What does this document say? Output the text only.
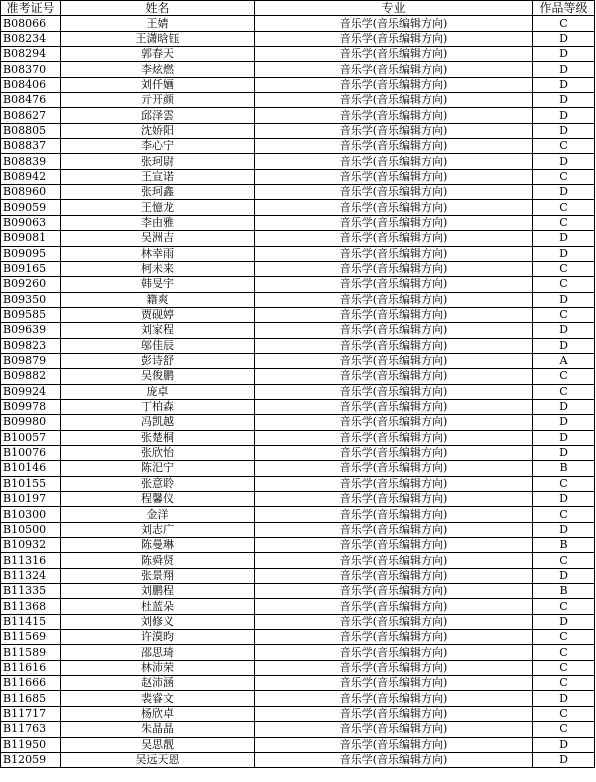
准考证号	姓名	专业	作品等级
B08066	王婧	音乐学(音乐编辑方向)	C
B08234	王潇晗钰	音乐学(音乐编辑方向)	D
B08294	郭春天	音乐学(音乐编辑方向)	D
B08370	李炫燃	音乐学(音乐编辑方向)	D
B08406	刘仟婳	音乐学(音乐编辑方向)	D
B08476	亓开颜	音乐学(音乐编辑方向)	D
B08627	邱泽雲	音乐学(音乐编辑方向)	D
B08805	沈娇阳	音乐学(音乐编辑方向)	D
B08837	李心宁	音乐学(音乐编辑方向)	C
B08839	张珂尉	音乐学(音乐编辑方向)	D
B08942	王宣诺	音乐学(音乐编辑方向)	C
B08960	张珂鑫	音乐学(音乐编辑方向)	D
B09059	王憶龙	音乐学(音乐编辑方向)	C
B09063	李由雅	音乐学(音乐编辑方向)	C
B09081	吴洲吉	音乐学(音乐编辑方向)	D
B09095	林幸雨	音乐学(音乐编辑方向)	D
B09165	柯未来	音乐学(音乐编辑方向)	C
B09260	韩旻宇	音乐学(音乐编辑方向)	C
B09350	籍爽	音乐学(音乐编辑方向)	D
B09585	贾砚婷	音乐学(音乐编辑方向)	C
B09639	刘家程	音乐学(音乐编辑方向)	D
B09823	邬佳辰	音乐学(音乐编辑方向)	D
B09879	彭诗舒	音乐学(音乐编辑方向)	A
B09882	吴俊鹏	音乐学(音乐编辑方向)	C
B09924	庞卓	音乐学(音乐编辑方向)	C
B09978	丁柏森	音乐学(音乐编辑方向)	D
B09980	冯凯越	音乐学(音乐编辑方向)	D
B10057	张楚桐	音乐学(音乐编辑方向)	D
B10076	张欣怡	音乐学(音乐编辑方向)	D
B10146	陈汜宁	音乐学(音乐编辑方向)	B
B10155	张意聆	音乐学(音乐编辑方向)	C
B10197	程馨仪	音乐学(音乐编辑方向)	D
B10300	金洋	音乐学(音乐编辑方向)	C
B10500	刘志广	音乐学(音乐编辑方向)	D
B10932	陈曼琳	音乐学(音乐编辑方向)	B
B11316	陈舜贤	音乐学(音乐编辑方向)	C
B11324	张景翔	音乐学(音乐编辑方向)	D
B11335	刘鹏程	音乐学(音乐编辑方向)	B
B11368	杜蓝朵	音乐学(音乐编辑方向)	C
B11415	刘修义	音乐学(音乐编辑方向)	D
B11569	许漠昀	音乐学(音乐编辑方向)	C
B11589	邵思琦	音乐学(音乐编辑方向)	C
B11616	林沛荣	音乐学(音乐编辑方向)	C
B11666	赵沛涵	音乐学(音乐编辑方向)	C
B11685	裴睿文	音乐学(音乐编辑方向)	D
B11717	杨欣卓	音乐学(音乐编辑方向)	C
B11763	朱晶晶	音乐学(音乐编辑方向)	C
B11950	吴思靓	音乐学(音乐编辑方向)	D
B12059	吴远天恩	音乐学(音乐编辑方向)	D
